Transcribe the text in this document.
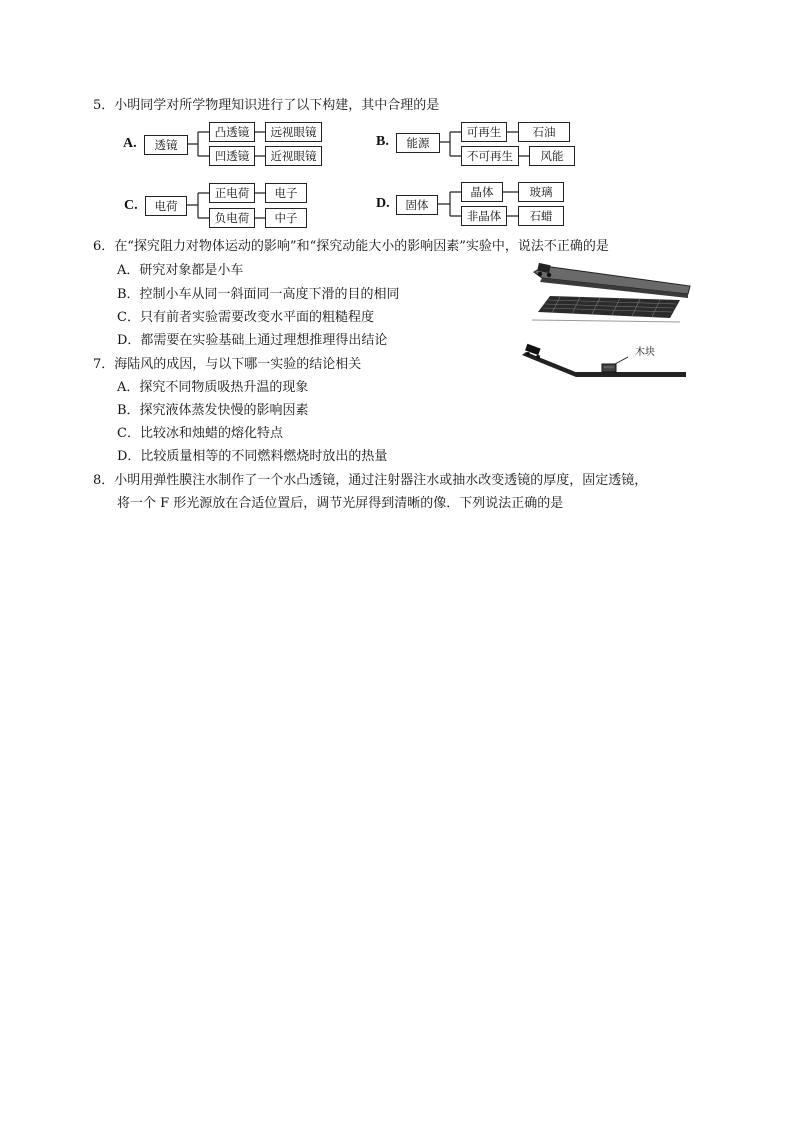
5．小明同学对所学物理知识进行了以下构建，其中合理的是
A.	透镜
凸透镜	远视眼镜
凹透镜	近视眼镜
B.	能源
可再生	石油
不可再生	风能
C.	电荷
正电荷	电子
负电荷	中子
D.	固体
晶体	玻璃
非晶体	石蜡
6．在“探究阻力对物体运动的影响”和“探究动能大小的影响因素”实验中，说法不正确的是
A．研究对象都是小车
B．控制小车从同一斜面同一高度下滑的目的相同
C．只有前者实验需要改变水平面的粗糙程度
D．都需要在实验基础上通过理想推理得出结论
7．海陆风的成因，与以下哪一实验的结论相关
A．探究不同物质吸热升温的现象
B．探究液体蒸发快慢的影响因素
C．比较冰和烛蜡的熔化特点
D．比较质量相等的不同燃料燃烧时放出的热量
木块
8．小明用弹性膜注水制作了一个水凸透镜，通过注射器注水或抽水改变透镜的厚度，固定透镜，
将一个 F 形光源放在合适位置后，调节光屏得到清晰的像．下列说法正确的是
